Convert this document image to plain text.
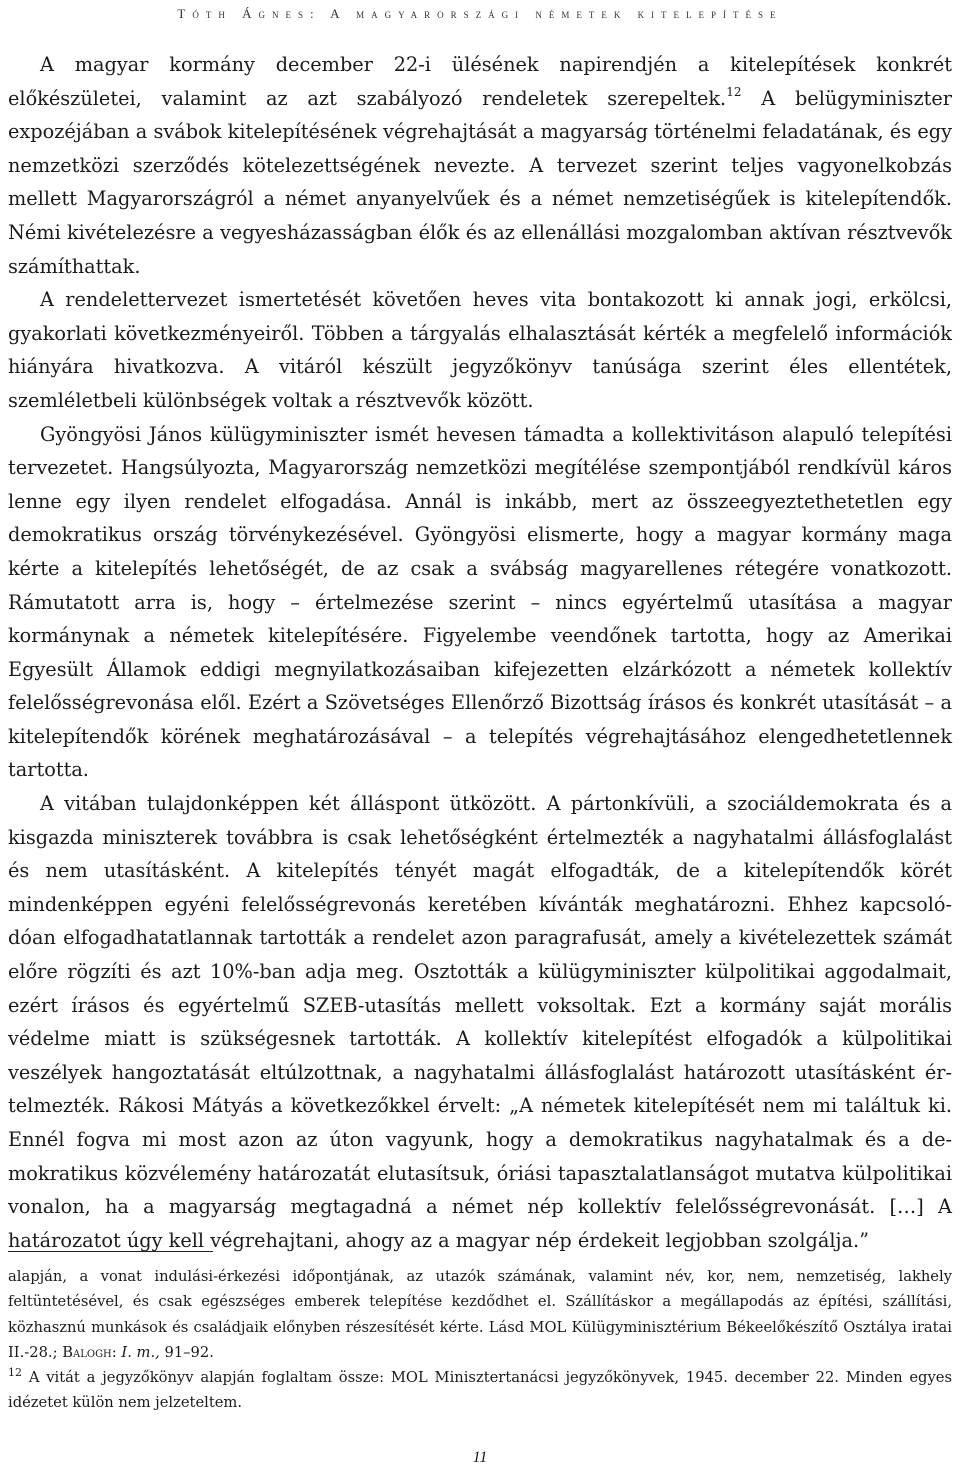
Tóth Ágnes: A magyarországi németek kitelepítése

A magyar kormány december 22-i ülésének napirendjén a kitelepítések konkrét előkészületei, valamint az azt szabályozó rendeletek szerepeltek.$^{12}$ A belügyminiszter expozéjában a svábok kitelepítésének végrehajtását a magyarság történelmi feladatának, és egy nemzetközi szerződés kötelezettségének nevezte. A tervezet szerint teljes vagyonelkobzás mellett Magyarországról a német anyanyelvűek és a német nemzetiségűek is kitelepítendők. Némi kivételezésre a vegyesházasságban élők és az ellenállási mozgalomban aktívan résztvevők számíthattak.

A rendelettervezet ismertetését követően heves vita bontakozott ki annak jogi, erkölcsi, gyakorlati következményeiről. Többen a tárgyalás elhalasztását kérték a megfelelő információk hiányára hivatkozva. A vitáról készült jegyzőkönyv tanúsága szerint éles ellentétek, szemléletbeli különbségek voltak a résztvevők között.

Gyöngyösi János külügyminiszter ismét hevesen támadta a kollektivitáson alapuló telepítési tervezetet. Hangsúlyozta, Magyarország nemzetközi megítélése szempontjából rendkívül káros lenne egy ilyen rendelet elfogadása. Annál is inkább, mert az összeegyeztethetetlen egy demokratikus ország törvénykezésével. Gyöngyösi elismerte, hogy a magyar kormány maga kérte a kitelepítés lehetőségét, de az csak a svábság magyarellenes rétegére vonatkozott. Rámutatott arra is, hogy – értelmezése szerint – nincs egyértelmű utasítása a magyar kormánynak a németek kitelepítésére. Figyelembe veendőnek tartotta, hogy az Amerikai Egyesült Államok eddigi megnyilatkozásaiban kifejezetten elzárkózott a németek kollektív felelősségrevonása elől. Ezért a Szövetséges Ellenőrző Bizottság írásos és konkrét utasítását – a kitelepítendők körének meghatározásával – a telepítés végrehajtásához elengedhetetlennek tartotta.

A vitában tulajdonképpen két álláspont ütközött. A pártonkívüli, a szociáldemokrata és a kisgazda miniszterek továbbra is csak lehetőségként értelmezték a nagyhatalmi állásfoglalást és nem utasításként. A kitelepítés tényét magát elfogadták, de a kitelepítendők körét mindenképpen egyéni felelősségrevonás keretében kívánták meghatározni. Ehhez kapcsolódóan elfogadhatatlannak tartották a rendelet azon paragrafusát, amely a kivételezettek számát előre rögzíti és azt 10%-ban adja meg. Osztották a külügyminiszter külpolitikai aggodalmait, ezért írásos és egyértelmű SZEB-utasítás mellett voksoltak. Ezt a kormány saját morális védelme miatt is szükségesnek tartották. A kollektív kitelepítést elfogadók a külpolitikai veszélyek hangoztatását eltúlzottnak, a nagyhatalmi állásfoglalást határozott utasításként értelmezték. Rákosi Mátyás a következőkkel érvelt: „A németek kitelepítését nem mi találtuk ki. Ennél fogva mi most azon az úton vagyunk, hogy a demokratikus nagyhatalmak és a demokratikus közvélemény határozatát elutasítsuk, óriási tapasztalatlanságot mutatva külpolitikai vonalon, ha a magyarság megtagadná a német nép kollektív felelősségrevonását. […] A határozatot úgy kell végrehajtani, ahogy az a magyar nép érdekeit legjobban szolgálja.”

alapján, a vonat indulási-érkezési időpontjának, az utazók számának, valamint név, kor, nem, nemzetiség, lakhely feltüntetésével, és csak egészséges emberek telepítése kezdődhet el. Szállításkor a megállapodás az építési, szállítási, közhasznú munkások és családjaik előnyben részesítését kérte. Lásd MOL Külügyminisztérium Békeelőkészítő Osztálya iratai II.-28.; Balogh: I. m., 91–92.

$^{12}$ A vitát a jegyzőkönyv alapján foglaltam össze: MOL Minisztertanácsi jegyzőkönyvek, 1945. december 22. Minden egyes idézetet külön nem jelzeteltem.

11
